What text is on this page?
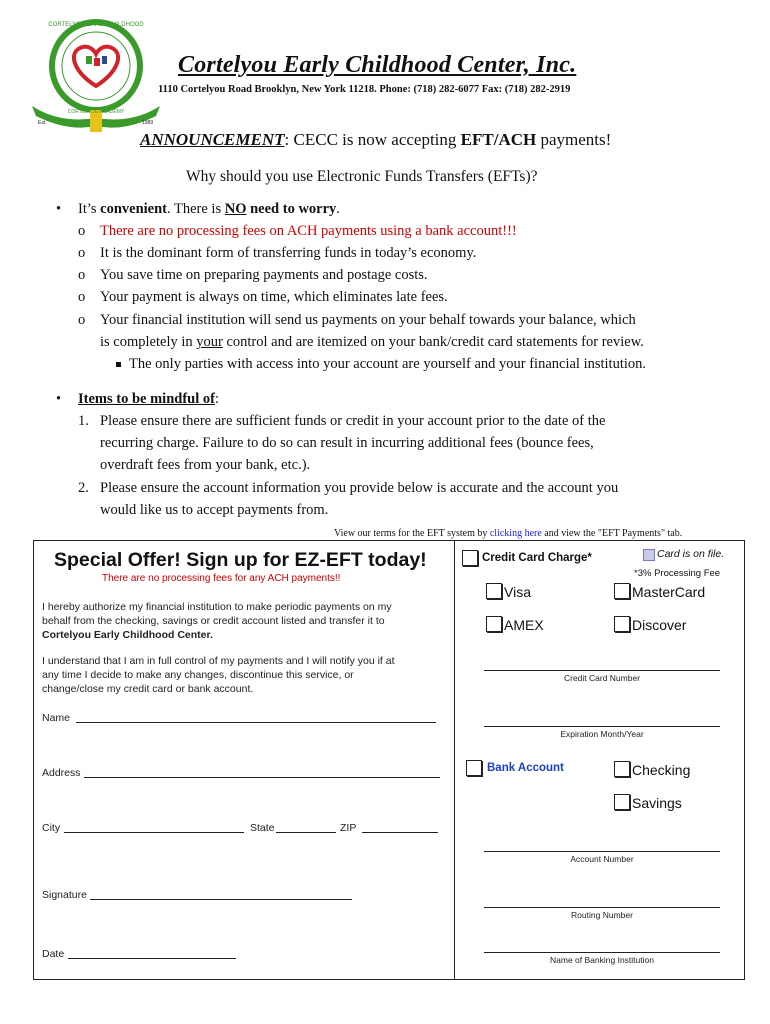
CORTELYOU EARLY CHILDHOOD
CORTELYOU ACADEMY
Est.	1989
Cortelyou Early Childhood Center, Inc.
1110 Cortelyou Road Brooklyn, New York 11218. Phone: (718) 282-6077 Fax: (718) 282-2919
ANNOUNCEMENT: CECC is now accepting EFT/ACH payments!
Why should you use Electronic Funds Transfers (EFTs)?
• It’s convenient. There is NO need to worry.
o There are no processing fees on ACH payments using a bank account!!!
o It is the dominant form of transferring funds in today’s economy.
o You save time on preparing payments and postage costs.
o Your payment is always on time, which eliminates late fees.
o Your financial institution will send us payments on your behalf towards your balance, which
is completely in your control and are itemized on your bank/credit card statements for review.
The only parties with access into your account are yourself and your financial institution.
• Items to be mindful of:
1. Please ensure there are sufficient funds or credit in your account prior to the date of the
recurring charge. Failure to do so can result in incurring additional fees (bounce fees,
overdraft fees from your bank, etc.).
2. Please ensure the account information you provide below is accurate and the account you
would like us to accept payments from.
View our terms for the EFT system by clicking here and view the "EFT Payments" tab.
Special Offer! Sign up for EZ-EFT today!
There are no processing fees for any ACH payments!!
I hereby authorize my financial institution to make periodic payments on my
behalf from the checking, savings or credit account listed and transfer it to
Cortelyou Early Childhood Center.
I understand that I am in full control of my payments and I will notify you if at
any time I decide to make any changes, discontinue this service, or
change/close my credit card or bank account.
Name
Address
City	State	ZIP
Signature
Date
Credit Card Charge*	Card is on file.
*3% Processing Fee
Visa	MasterCard
AMEX	Discover
Credit Card Number
Expiration Month/Year
Bank Account	Checking
Savings
Account Number
Routing Number
Name of Banking Institution
